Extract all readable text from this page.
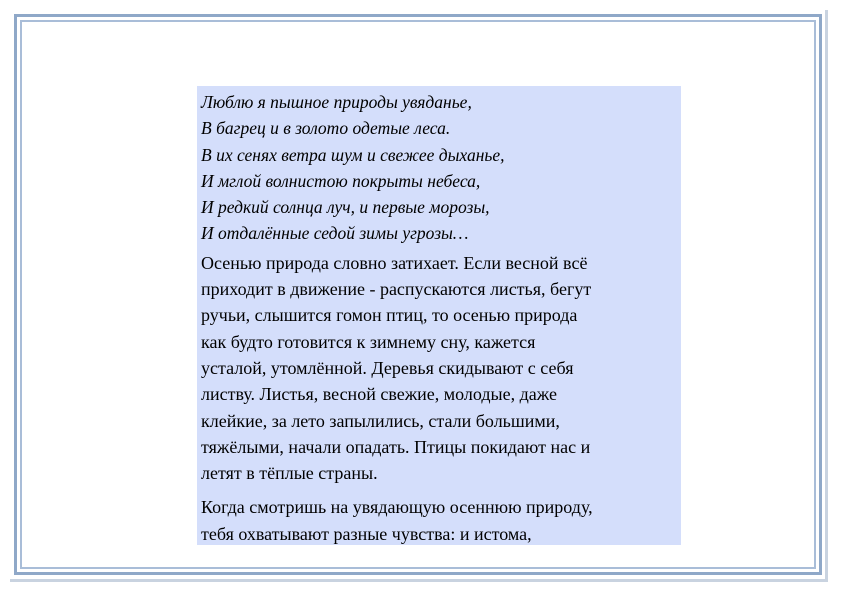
Люблю я пышное природы увяданье,
В багрец и в золото одетые леса.
В их сенях ветра шум и свежее дыханье,
И мглой волнистою покрыты небеса,
И редкий солнца луч, и первые морозы,
И отдалённые седой зимы угрозы…

Осенью природа словно затихает. Если весной всё
приходит в движение - распускаются листья, бегут
ручьи, слышится гомон птиц, то осенью природа
как будто готовится к зимнему сну, кажется
усталой, утомлённой. Деревья скидывают с себя
листву. Листья, весной свежие, молодые, даже
клейкие, за лето запылились, стали большими,
тяжёлыми, начали опадать. Птицы покидают нас и
летят в тёплые страны.

Когда смотришь на увядающую осеннюю природу,
тебя охватывают разные чувства: и истома,
